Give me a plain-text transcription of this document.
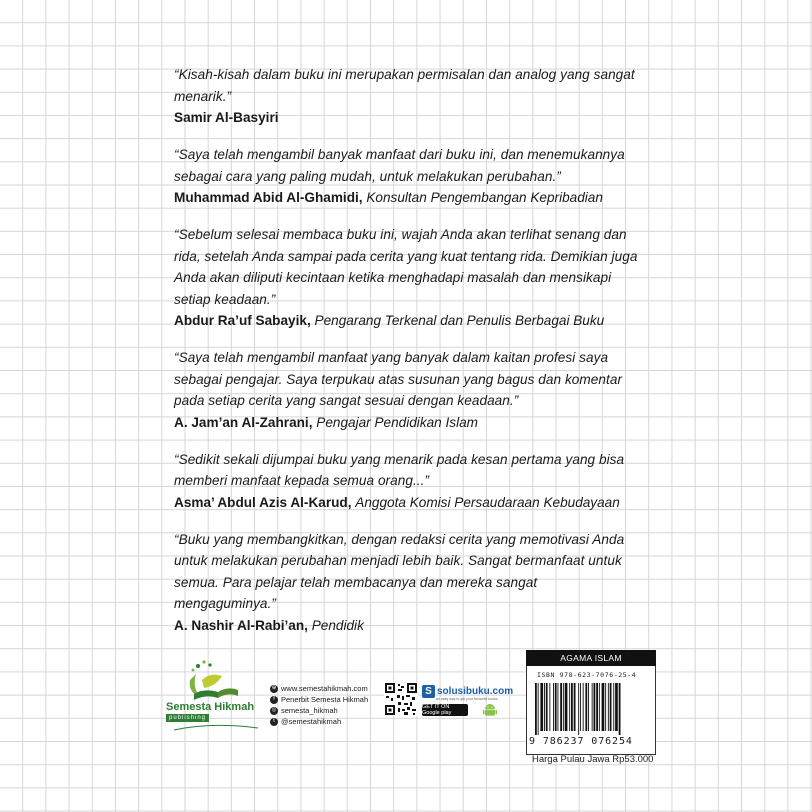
“Kisah-kisah dalam buku ini merupakan permisalan dan analog yang sangat menarik.”

Samir Al-Basyiri

“Saya telah mengambil banyak manfaat dari buku ini, dan menemukannya sebagai cara yang paling mudah, untuk melakukan perubahan.”

Muhammad Abid Al-Ghamidi, Konsultan Pengembangan Kepribadian

“Sebelum selesai membaca buku ini, wajah Anda akan terlihat senang dan rida, setelah Anda sampai pada cerita yang kuat tentang rida. Demikian juga Anda akan diliputi kecintaan ketika menghadapi masalah dan mensikapi setiap keadaan.”

Abdur Ra’uf Sabayik, Pengarang Terkenal dan Penulis Berbagai Buku

“Saya telah mengambil manfaat yang banyak dalam kaitan profesi saya sebagai pengajar. Saya terpukau atas susunan yang bagus dan komentar pada setiap cerita yang sangat sesuai dengan keadaan.”

A. Jam’an Al-Zahrani, Pengajar Pendidikan Islam

“Sedikit sekali dijumpai buku yang menarik pada kesan pertama yang bisa memberi manfaat kepada semua orang...”

Asma’ Abdul Azis Al-Karud, Anggota Komisi Persaudaraan Kebudayaan

“Buku yang membangkitkan, dengan redaksi cerita yang memotivasi Anda untuk melakukan perubahan menjadi lebih baik. Sangat bermanfaat untuk semua. Para pelajar telah membacanya dan mereka sangat mengaguminya.”

A. Nashir Al-Rabi’an, Pendidik

Semesta Hikmah
publishing
⊕ www.semestahikmah.com
f Penerbit Semesta Hikmah
◎ semesta_hikmah
t @semestahikmah
S solusibuku.com
an easy way to get your favourite books
GET IT ON Google play
AGAMA ISLAM
ISBN 978-623-7076-25-4
9 786237 076254
Harga Pulau Jawa Rp53.000
